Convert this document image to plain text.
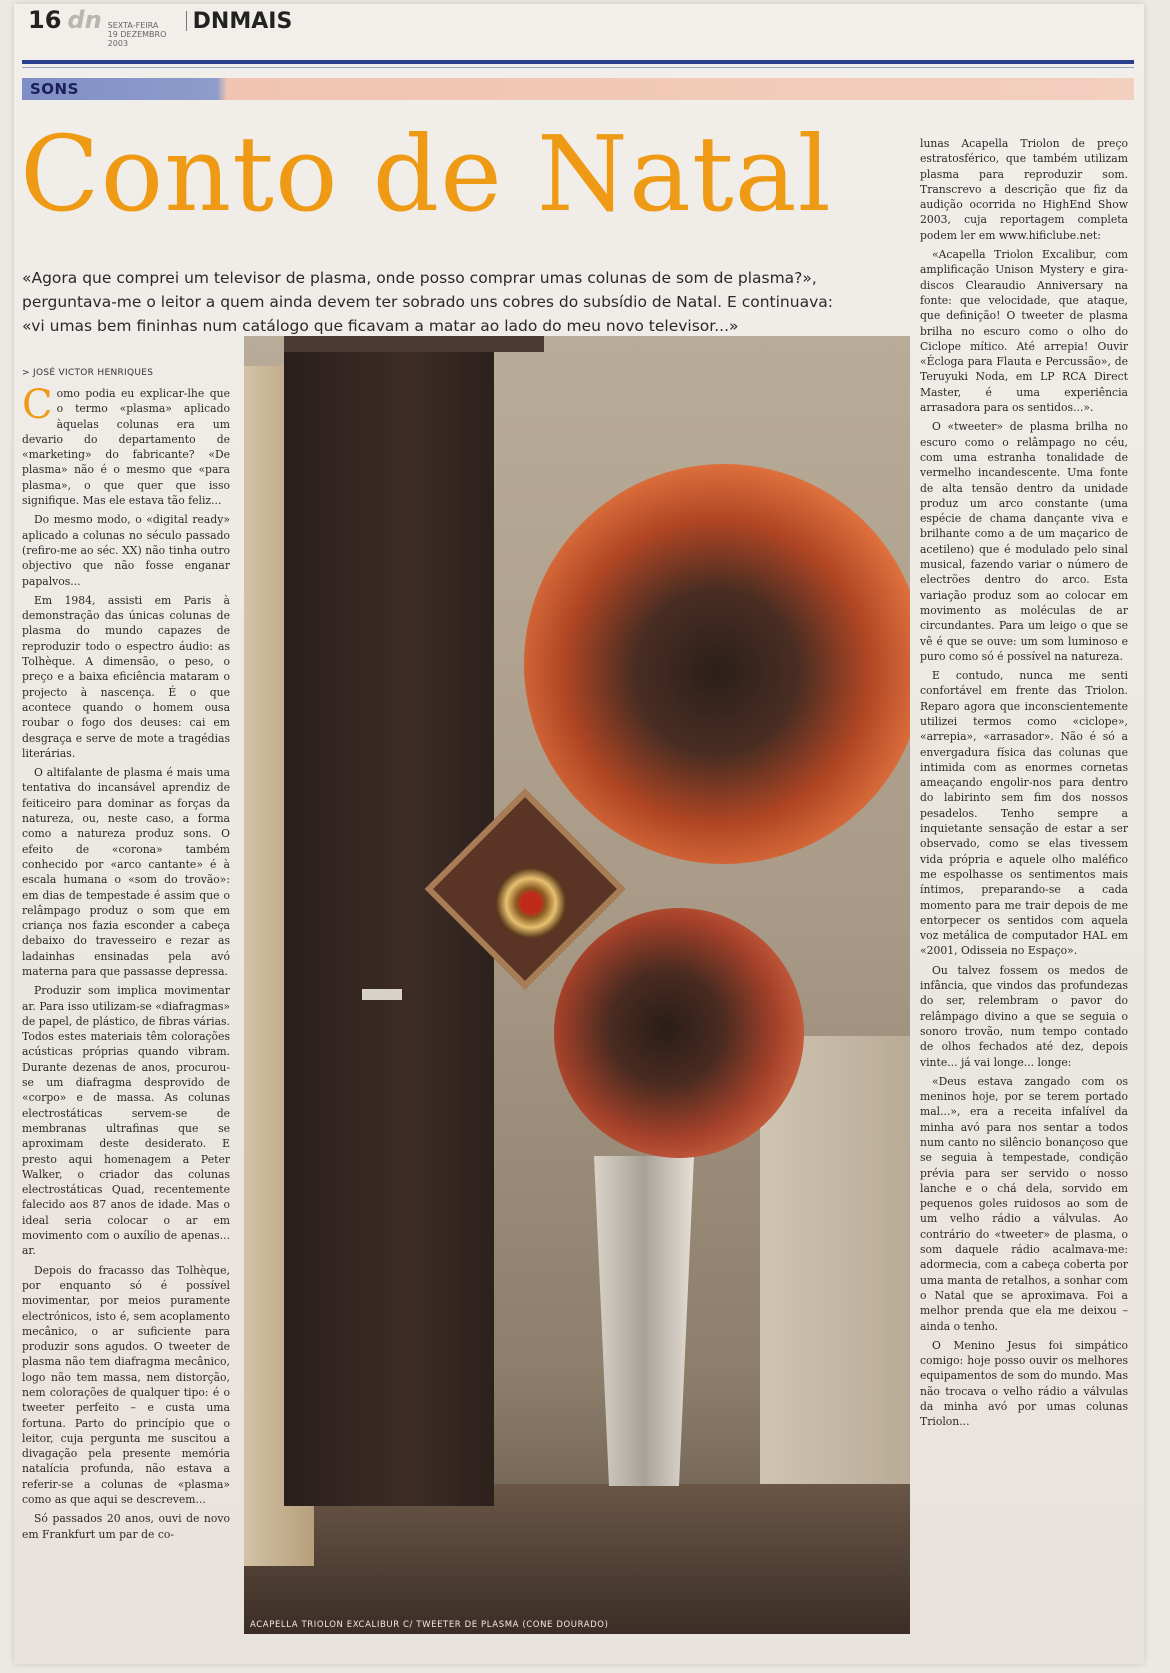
16 dn SEXTA-FEIRA
19 DEZEMBRO 2003
DNMAIS
SONS
Conto de Natal

«Agora que comprei um televisor de plasma, onde posso comprar umas colunas de som de plasma?»,

perguntava-me o leitor a quem ainda devem ter sobrado uns cobres do subsídio de Natal. E continuava:

«vi umas bem fininhas num catálogo que ficavam a matar ao lado do meu novo televisor...»

> JOSÉ VICTOR HENRIQUES

Como podia eu explicar-lhe que o termo «plasma» aplicado àquelas colunas era um devario do departamento de «marketing» do fabricante? «De plasma» não é o mesmo que «para plasma», o que quer que isso signifique. Mas ele estava tão feliz...

Do mesmo modo, o «digital ready» aplicado a colunas no século passado (refiro-me ao séc. XX) não tinha outro objectivo que não fosse enganar papalvos...

Em 1984, assisti em Paris à demonstração das únicas colunas de plasma do mundo capazes de reproduzir todo o espectro áudio: as Tolhèque. A dimensão, o peso, o preço e a baixa eficiência mataram o projecto à nascença. É o que acontece quando o homem ousa roubar o fogo dos deuses: cai em desgraça e serve de mote a tragédias literárias.

O altifalante de plasma é mais uma tentativa do incansável aprendiz de feiticeiro para dominar as forças da natureza, ou, neste caso, a forma como a natureza produz sons. O efeito de «corona» também conhecido por «arco cantante» é à escala humana o «som do trovão»: em dias de tempestade é assim que o relâmpago produz o som que em criança nos fazia esconder a cabeça debaixo do travesseiro e rezar as ladainhas ensinadas pela avó materna para que passasse depressa.

Produzir som implica movimentar ar. Para isso utilizam-se «diafragmas» de papel, de plástico, de fibras várias. Todos estes materiais têm colorações acústicas próprias quando vibram. Durante dezenas de anos, procurou-se um diafragma desprovido de «corpo» e de massa. As colunas electrostáticas servem-se de membranas ultrafinas que se aproximam deste desiderato. E presto aqui homenagem a Peter Walker, o criador das colunas electrostáticas Quad, recentemente falecido aos 87 anos de idade. Mas o ideal seria colocar o ar em movimento com o auxílio de apenas... ar.

Depois do fracasso das Tolhèque, por enquanto só é possível movimentar, por meios puramente electrónicos, isto é, sem acoplamento mecânico, o ar suficiente para produzir sons agudos. O tweeter de plasma não tem diafragma mecânico, logo não tem massa, nem distorção, nem colorações de qualquer tipo: é o tweeter perfeito – e custa uma fortuna. Parto do princípio que o leitor, cuja pergunta me suscitou a divagação pela presente memória natalícia profunda, não estava a referir-se a colunas de «plasma» como as que aqui se descrevem...

Só passados 20 anos, ouvi de novo em Frankfurt um par de co-

ACAPELLA TRIOLON EXCALIBUR C/ TWEETER DE PLASMA (CONE DOURADO)

lunas Acapella Triolon de preço estratosférico, que também utilizam plasma para reproduzir som. Transcrevo a descrição que fiz da audição ocorrida no HighEnd Show 2003, cuja reportagem completa podem ler em www.hificlube.net:

«Acapella Triolon Excalibur, com amplificação Unison Mystery e gira-discos Clearaudio Anniversary na fonte: que velocidade, que ataque, que definição! O tweeter de plasma brilha no escuro como o olho do Ciclope mítico. Até arrepia! Ouvir «Écloga para Flauta e Percussão», de Teruyuki Noda, em LP RCA Direct Master, é uma experiência arrasadora para os sentidos...».

O «tweeter» de plasma brilha no escuro como o relâmpago no céu, com uma estranha tonalidade de vermelho incandescente. Uma fonte de alta tensão dentro da unidade produz um arco constante (uma espécie de chama dançante viva e brilhante como a de um maçarico de acetileno) que é modulado pelo sinal musical, fazendo variar o número de electrões dentro do arco. Esta variação produz som ao colocar em movimento as moléculas de ar circundantes. Para um leigo o que se vê é que se ouve: um som luminoso e puro como só é possível na natureza.

E contudo, nunca me senti confortável em frente das Triolon. Reparo agora que inconscientemente utilizei termos como «ciclope», «arrepia», «arrasador». Não é só a envergadura física das colunas que intimida com as enormes cornetas ameaçando engolir-nos para dentro do labirinto sem fim dos nossos pesadelos. Tenho sempre a inquietante sensação de estar a ser observado, como se elas tivessem vida própria e aquele olho maléfico me espolhasse os sentimentos mais íntimos, preparando-se a cada momento para me trair depois de me entorpecer os sentidos com aquela voz metálica de computador HAL em «2001, Odisseia no Espaço».

Ou talvez fossem os medos de infância, que vindos das profundezas do ser, relembram o pavor do relâmpago divino a que se seguia o sonoro trovão, num tempo contado de olhos fechados até dez, depois vinte... já vai longe... longe:

«Deus estava zangado com os meninos hoje, por se terem portado mal...», era a receita infalível da minha avó para nos sentar a todos num canto no silêncio bonançoso que se seguia à tempestade, condição prévia para ser servido o nosso lanche e o chá dela, sorvido em pequenos goles ruidosos ao som de um velho rádio a válvulas. Ao contrário do «tweeter» de plasma, o som daquele rádio acalmava-me: adormecia, com a cabeça coberta por uma manta de retalhos, a sonhar com o Natal que se aproximava. Foi a melhor prenda que ela me deixou – ainda o tenho.

O Menino Jesus foi simpático comigo: hoje posso ouvir os melhores equipamentos de som do mundo. Mas não trocava o velho rádio a válvulas da minha avó por umas colunas Triolon...
